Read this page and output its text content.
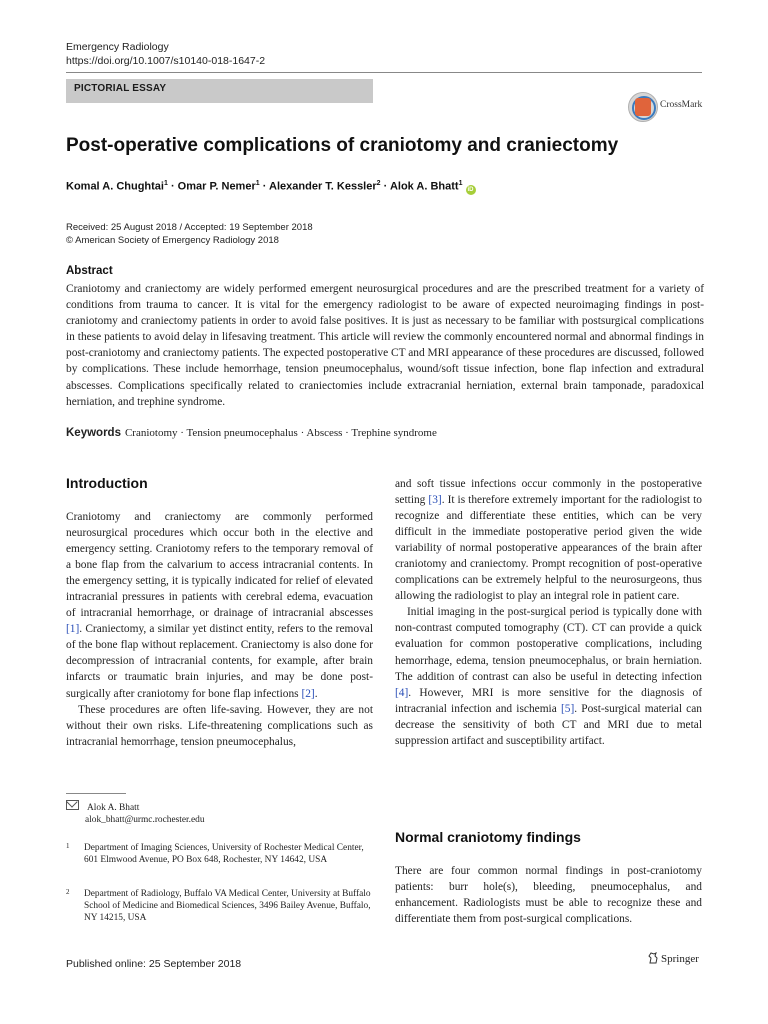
Emergency Radiology
https://doi.org/10.1007/s10140-018-1647-2
PICTORIAL ESSAY
CrossMark
Post-operative complications of craniotomy and craniectomy
Komal A. Chughtai$^1$ · Omar P. Nemer$^1$ · Alexander T. Kessler$^2$ · Alok A. Bhatt$^1$iD
Received: 25 August 2018 / Accepted: 19 September 2018
© American Society of Emergency Radiology 2018
Abstract
Craniotomy and craniectomy are widely performed emergent neurosurgical procedures and are the prescribed treatment for a variety of conditions from trauma to cancer. It is vital for the emergency radiologist to be aware of expected neuroimaging findings in post-craniotomy and craniectomy patients in order to avoid false positives. It is just as necessary to be familiar with postsurgical complications in these patients to avoid delay in lifesaving treatment. This article will review the commonly encountered normal and abnormal findings in post-craniotomy and craniectomy patients. The expected postoperative CT and MRI appearance of these procedures are discussed, followed by complications. These include hemorrhage, tension pneumocephalus, wound/soft tissue infection, bone flap infection and extradural abscesses. Complications specifically related to craniectomies include extracranial herniation, external brain tamponade, paradoxical herniation, and trephine syndrome.
Keywords Craniotomy · Tension pneumocephalus · Abscess · Trephine syndrome
Introduction

Craniotomy and craniectomy are commonly performed neurosurgical procedures which occur both in the elective and emergency setting. Craniotomy refers to the temporary removal of a bone flap from the calvarium to access intracranial contents. In the emergency setting, it is typically indicated for relief of elevated intracranial pressures in patients with cerebral edema, evacuation of intracranial hemorrhage, or drainage of intracranial abscesses [1]. Craniectomy, a similar yet distinct entity, refers to the removal of the bone flap without replacement. Craniectomy is also done for decompression of intracranial contents, for example, after brain infarcts or traumatic brain injuries, and may be done post-surgically after craniotomy for bone flap infections [2].

These procedures are often life-saving. However, they are not without their own risks. Life-threatening complications such as intracranial hemorrhage, tension pneumocephalus,

Alok A. Bhatt
alok_bhatt@urmc.rochester.edu
1 Department of Imaging Sciences, University of Rochester Medical Center, 601 Elmwood Avenue, PO Box 648, Rochester, NY 14642, USA
2 Department of Radiology, Buffalo VA Medical Center, University at Buffalo School of Medicine and Biomedical Sciences, 3496 Bailey Avenue, Buffalo, NY 14215, USA

and soft tissue infections occur commonly in the postoperative setting [3]. It is therefore extremely important for the radiologist to recognize and differentiate these entities, which can be very difficult in the immediate postoperative period given the wide variability of normal postoperative appearances of the brain after craniotomy and craniectomy. Prompt recognition of post-operative complications can be extremely helpful to the neurosurgeons, thus allowing the radiologist to play an integral role in patient care.

Initial imaging in the post-surgical period is typically done with non-contrast computed tomography (CT). CT can provide a quick evaluation for common postoperative complications, including hemorrhage, edema, tension pneumocephalus, or brain herniation. The addition of contrast can also be useful in detecting infection [4]. However, MRI is more sensitive for the diagnosis of intracranial infection and ischemia [5]. Post-surgical material can decrease the sensitivity of both CT and MRI due to metal suppression artifact and susceptibility artifact.

Normal craniotomy findings

There are four common normal findings in post-craniotomy patients: burr hole(s), bleeding, pneumocephalus, and enhancement. Radiologists must be able to recognize these and differentiate them from post-surgical complications.

Published online: 25 September 2018	Springer
